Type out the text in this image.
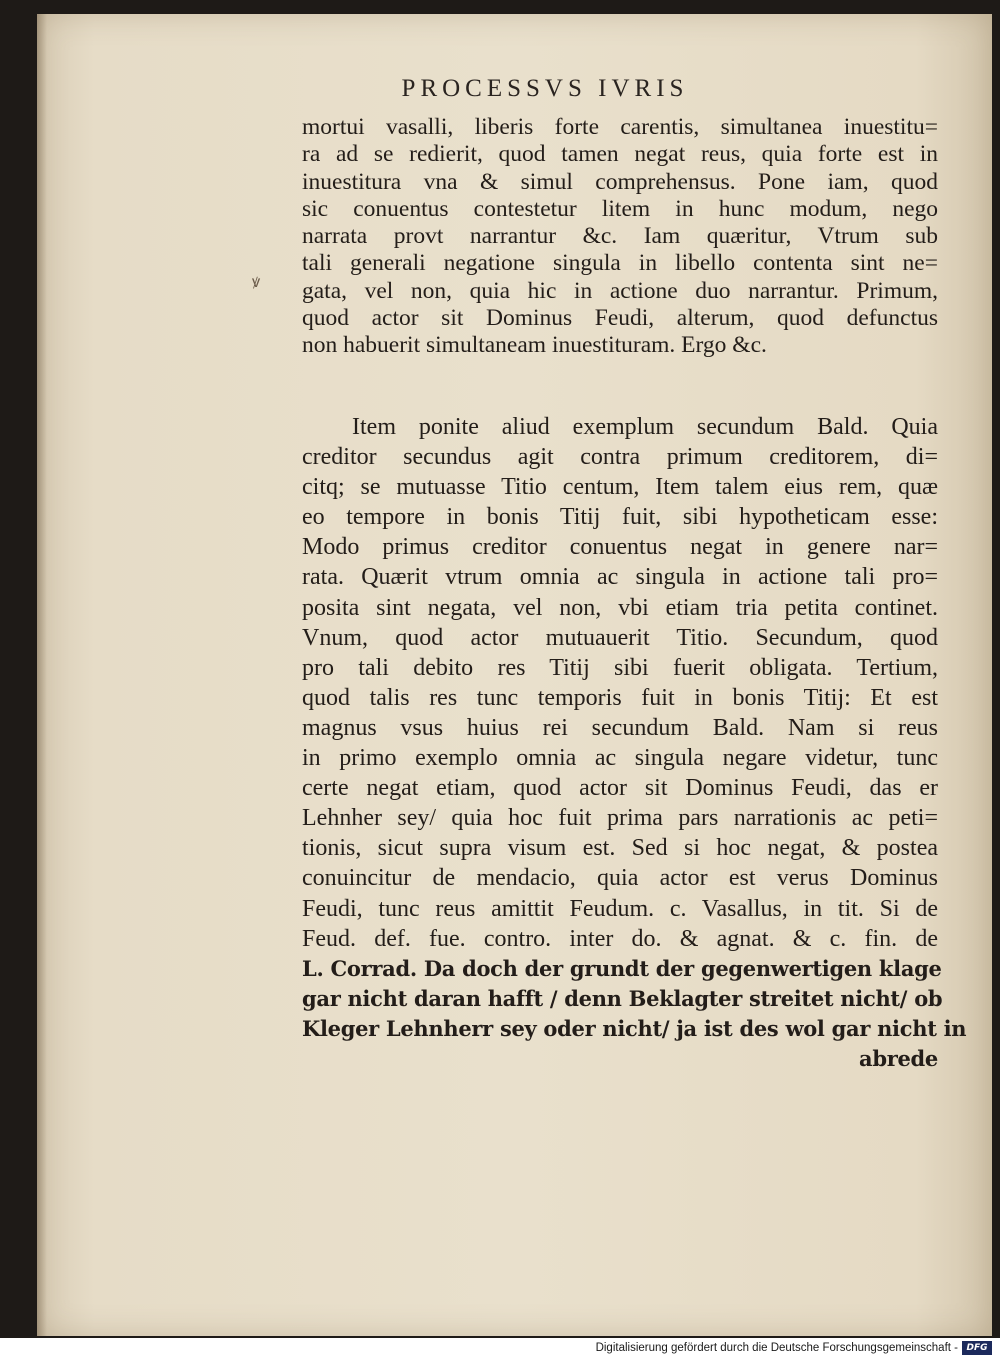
PROCESSVS IVRIS
ꝟ
mortui vasalli, liberis forte carentis, simultanea inuestitu=
ra ad se redierit, quod tamen negat reus, quia forte est in
inuestitura vna & simul comprehensus. Pone iam, quod
sic conuentus contestetur litem in hunc modum, nego
narrata provt narrantur &c. Iam quæritur, Vtrum sub
tali generali negatione singula in libello contenta sint ne=
gata, vel non, quia hic in actione duo narrantur. Primum,
quod actor sit Dominus Feudi, alterum, quod defunctus
non habuerit simultaneam inuestituram. Ergo &c.
Item ponite aliud exemplum secundum Bald. Quia
creditor secundus agit contra primum creditorem, di=
citq; se mutuasse Titio centum, Item talem eius rem, quæ
eo tempore in bonis Titij fuit, sibi hypotheticam esse:
Modo primus creditor conuentus negat in genere nar=
rata. Quærit vtrum omnia ac singula in actione tali pro=
posita sint negata, vel non, vbi etiam tria petita continet.
Vnum, quod actor mutuauerit Titio. Secundum, quod
pro tali debito res Titij sibi fuerit obligata. Tertium,
quod talis res tunc temporis fuit in bonis Titij: Et est
magnus vsus huius rei secundum Bald. Nam si reus
in primo exemplo omnia ac singula negare videtur, tunc
certe negat etiam, quod actor sit Dominus Feudi, das er
Lehnher sey/ quia hoc fuit prima pars narrationis ac peti=
tionis, sicut supra visum est. Sed si hoc negat, & postea
conuincitur de mendacio, quia actor est verus Dominus
Feudi, tunc reus amittit Feudum. c. Vasallus, in tit. Si de
Feud. def. fue. contro. inter do. & agnat. & c. fin. de
L. Corrad. Da doch der grundt der gegenwertigen klage
gar nicht daran hafft / denn Beklagter streitet nicht/ ob
Kleger Lehnherr sey oder nicht/ ja ist des wol gar nicht in
abrede
Digitalisierung gefördert durch die Deutsche Forschungsgemeinschaft - DFG
